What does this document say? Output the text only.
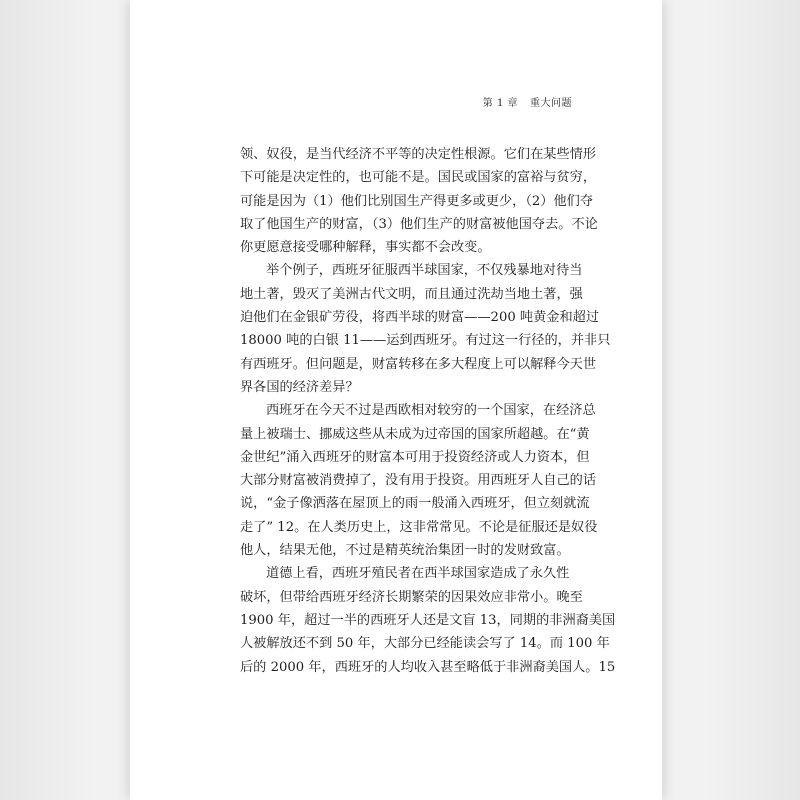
第 1 章 重大问题
领、奴役，是当代经济不平等的决定性根源。它们在某些情形
下可能是决定性的，也可能不是。国民或国家的富裕与贫穷，
可能是因为（1）他们比别国生产得更多或更少，（2）他们夺
取了他国生产的财富，（3）他们生产的财富被他国夺去。不论
你更愿意接受哪种解释，事实都不会改变。
举个例子，西班牙征服西半球国家，不仅残暴地对待当
地土著，毁灭了美洲古代文明，而且通过洗劫当地土著，强
迫他们在金银矿劳役，将西半球的财富——200 吨黄金和超过
18000 吨的白银 11——运到西班牙。有过这一行径的，并非只
有西班牙。但问题是，财富转移在多大程度上可以解释今天世
界各国的经济差异？
西班牙在今天不过是西欧相对较穷的一个国家，在经济总
量上被瑞士、挪威这些从未成为过帝国的国家所超越。在“黄
金世纪”涌入西班牙的财富本可用于投资经济或人力资本，但
大部分财富被消费掉了，没有用于投资。用西班牙人自己的话
说，“金子像洒落在屋顶上的雨一般涌入西班牙，但立刻就流
走了” 12。在人类历史上，这非常常见。不论是征服还是奴役
他人，结果无他，不过是精英统治集团一时的发财致富。
道德上看，西班牙殖民者在西半球国家造成了永久性
破坏，但带给西班牙经济长期繁荣的因果效应非常小。晚至
1900 年，超过一半的西班牙人还是文盲 13，同期的非洲裔美国
人被解放还不到 50 年，大部分已经能读会写了 14。而 100 年
后的 2000 年，西班牙的人均收入甚至略低于非洲裔美国人。15
